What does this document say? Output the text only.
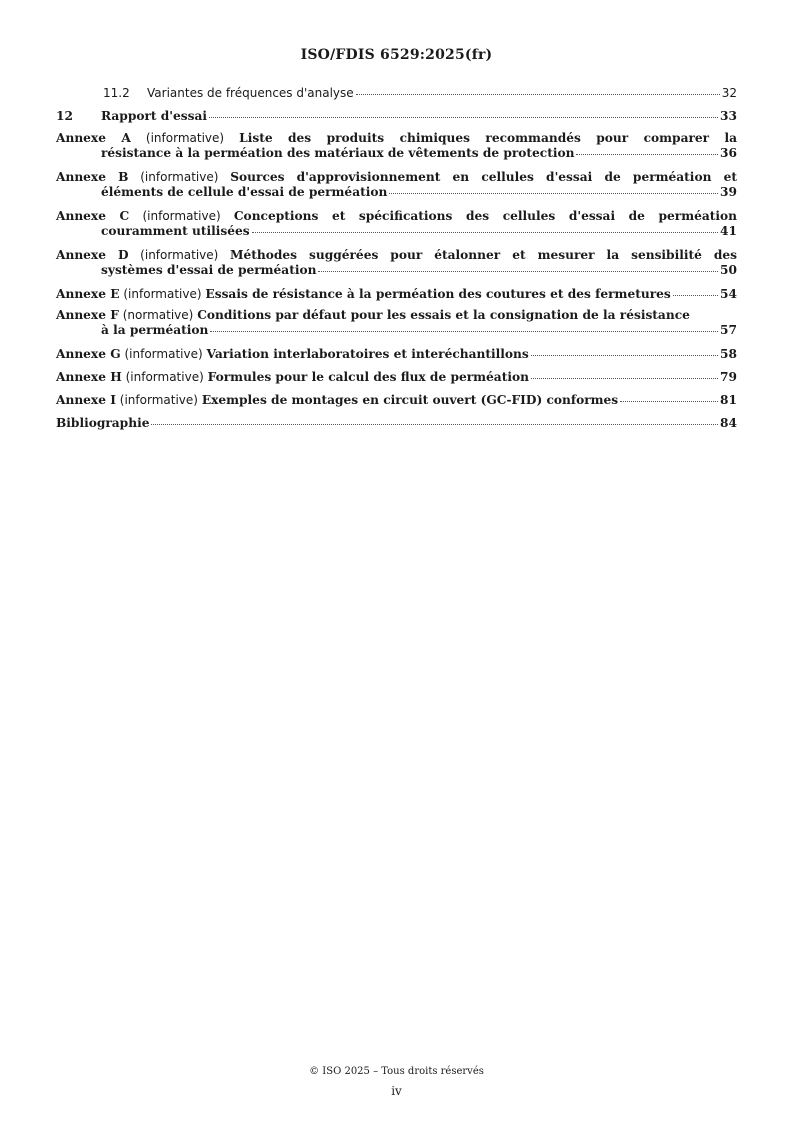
ISO/FDIS 6529:2025(fr)
11.2 Variantes de fréquences d'analyse	32
12 Rapport d'essai	33
Annexe A (informative) Liste des produits chimiques recommandés pour comparer la
résistance à la perméation des matériaux de vêtements de protection	36
Annexe B (informative) Sources d'approvisionnement en cellules d'essai de perméation et
éléments de cellule d'essai de perméation	39
Annexe C (informative) Conceptions et spécifications des cellules d'essai de perméation
couramment utilisées	41
Annexe D (informative) Méthodes suggérées pour étalonner et mesurer la sensibilité des
systèmes d'essai de perméation	50
Annexe E (informative) Essais de résistance à la perméation des coutures et des fermetures	54
Annexe F (normative) Conditions par défaut pour les essais et la consignation de la résistance
à la perméation	57
Annexe G (informative) Variation interlaboratoires et interéchantillons	58
Annexe H (informative) Formules pour le calcul des flux de perméation	79
Annexe I (informative) Exemples de montages en circuit ouvert (GC-FID) conformes	81
Bibliographie	84
© ISO 2025 – Tous droits réservés
iv
